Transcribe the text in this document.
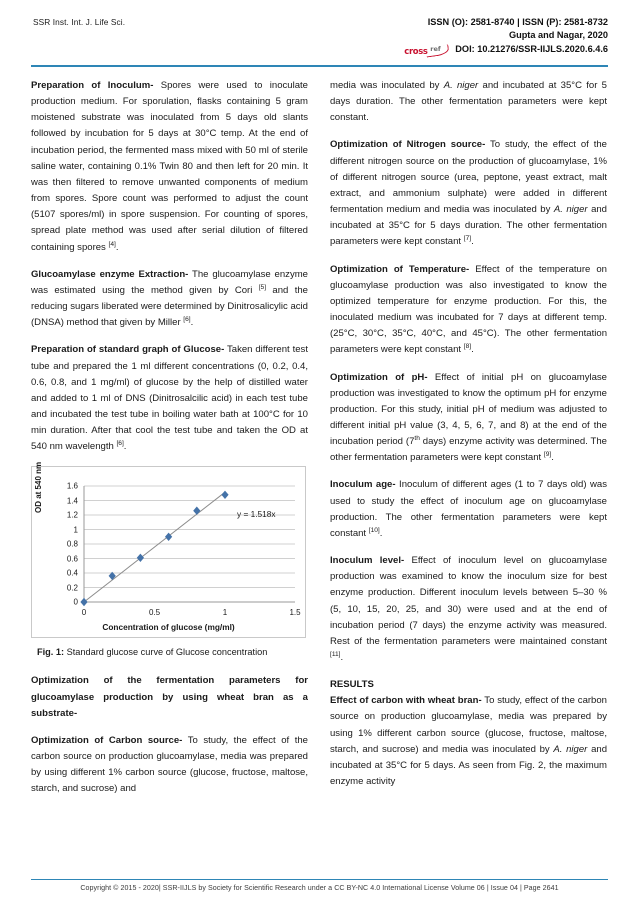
SSR Inst. Int. J. Life Sci.	ISSN (O): 2581-8740 | ISSN (P): 2581-8732
Gupta and Nagar, 2020
cross ref DOI: 10.21276/SSR-IIJLS.2020.6.4.6

Preparation of Inoculum- Spores were used to inoculate production medium. For sporulation, flasks containing 5 gram moistened substrate was inoculated from 5 days old slants followed by incubation for 5 days at 30°C temp. At the end of incubation period, the fermented mass mixed with 50 ml of sterile saline water, containing 0.1% Twin 80 and then left for 20 min. It was then filtered to remove unwanted components of medium from spores. Spore count was performed to adjust the count (5107 spores/ml) in spore suspension. For counting of spores, spread plate method was used after serial dilution of filtered containing spores [4].

Glucoamylase enzyme Extraction- The glucoamylase enzyme was estimated using the method given by Cori [5] and the reducing sugars liberated were determined by Dinitrosalicylic acid (DNSA) method that given by Miller [6].

Preparation of standard graph of Glucose- Taken different test tube and prepared the 1 ml different concentrations (0, 0.2, 0.4, 0.6, 0.8, and 1 mg/ml) of glucose by the help of distilled water and added to 1 ml of DNS (Dinitrosalcilic acid) in each test tube and incubated the test tube in boiling water bath at 100°C for 10 min duration. After that cool the test tube and taken the OD at 540 nm wavelength [6].

OD at 540 nm	1.6
1.4
1.2
1
0.8
0.6
0.4
0.2
0
y = 1.518x
0	0.5	1	1.5
Concentration of glucose (mg/ml)
Fig. 1: Standard glucose curve of Glucose concentration

Optimization of the fermentation parameters for glucoamylase production by using wheat bran as a substrate-

Optimization of Carbon source- To study, the effect of the carbon source on production glucoamylase, media was prepared by using different 1% carbon source (glucose, fructose, maltose, starch, and sucrose) and

media was inoculated by A. niger and incubated at 35°C for 5 days duration. The other fermentation parameters were kept constant.

Optimization of Nitrogen source- To study, the effect of the different nitrogen source on the production of glucoamylase, 1% of different nitrogen source (urea, peptone, yeast extract, malt extract, and ammonium sulphate) were added in different fermentation medium and media was inoculated by A. niger and incubated at 35°C for 5 days duration. The other fermentation parameters were kept constant [7].

Optimization of Temperature- Effect of the temperature on glucoamylase production was also investigated to know the optimized temperature for enzyme production. For this, the inoculated medium was incubated for 7 days at different temp. (25°C, 30°C, 35°C, 40°C, and 45°C). The other fermentation parameters were kept constant [8].

Optimization of pH- Effect of initial pH on glucoamylase production was investigated to know the optimum pH for enzyme production. For this study, initial pH of medium was adjusted to different initial pH value (3, 4, 5, 6, 7, and 8) at the end of the incubation period (7th days) enzyme activity was determined. The other fermentation parameters were kept constant [9].

Inoculum age- Inoculum of different ages (1 to 7 days old) was used to study the effect of inoculum age on glucoamylase production. The other fermentation parameters were kept constant [10].

Inoculum level- Effect of inoculum level on glucoamylase production was examined to know the inoculum size for best enzyme production. Different inoculum levels between 5–30 % (5, 10, 15, 20, 25, and 30) were used and at the end of incubation period (7 days) the enzyme activity was measured. Rest of the fermentation parameters were maintained constant [11].

RESULTS

Effect of carbon with wheat bran- To study, effect of the carbon source on production glucoamylase, media was prepared by using 1% different carbon source (glucose, fructose, maltose, starch, and sucrose) and media was inoculated by A. niger and incubated at 35°C for 5 days. As seen from Fig. 2, the maximum enzyme activity

Copyright © 2015 - 2020| SSR-IIJLS by Society for Scientific Research under a CC BY-NC 4.0 International License Volume 06 | Issue 04 | Page 2641
